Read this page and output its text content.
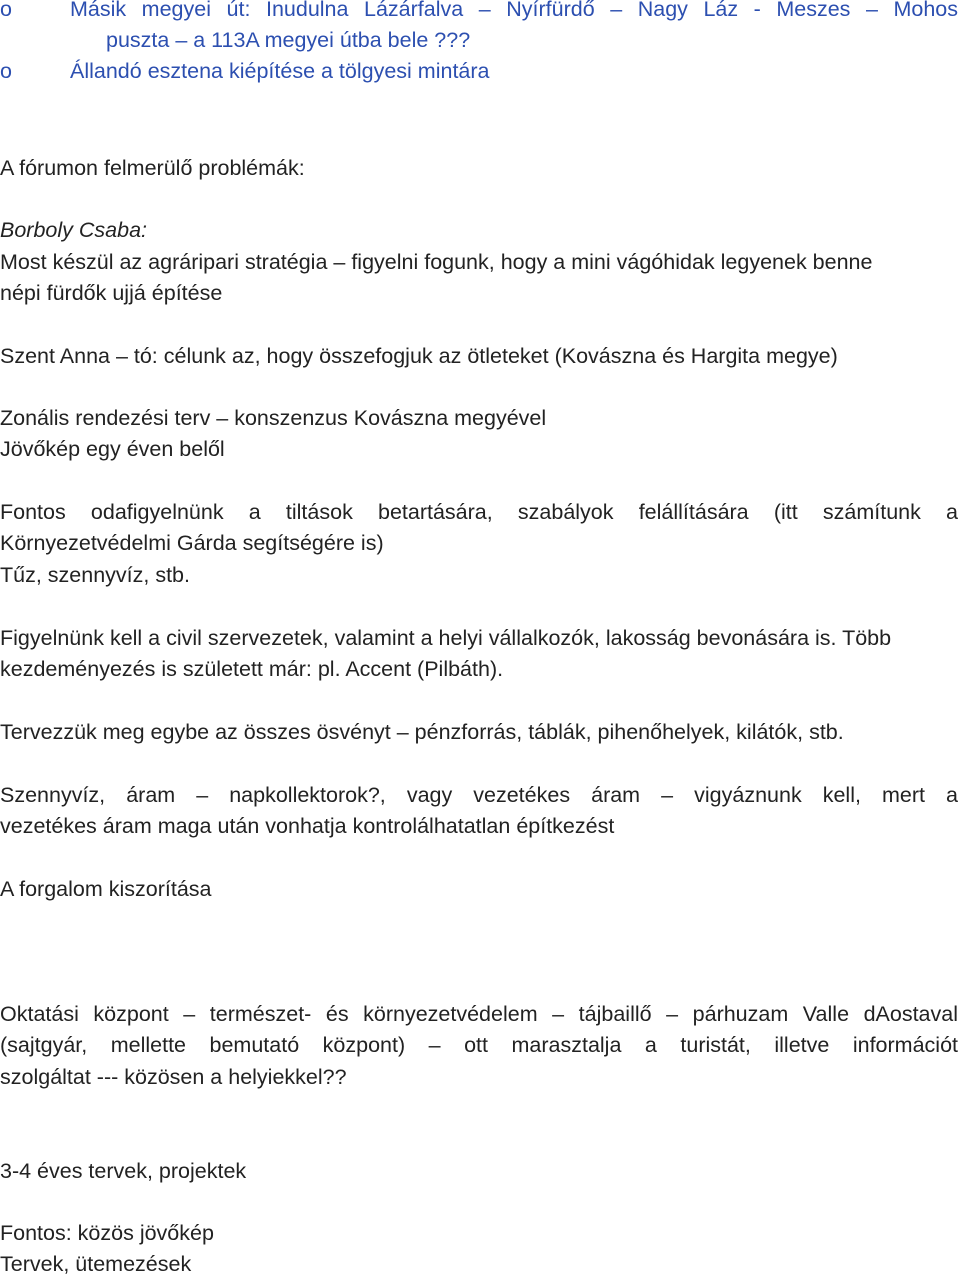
o	Másik megyei út: Inudulna Lázárfalva – Nyírfürdő – Nagy Láz - Meszes – Mohos
puszta – a 113A megyei útba bele ???
o	Állandó esztena kiépítése a tölgyesi mintára
A fórumon felmerülő problémák:
Borboly Csaba:
Most készül az agráripari stratégia – figyelni fogunk, hogy a mini vágóhidak legyenek benne
népi fürdők ujjá építése
Szent Anna – tó: célunk az, hogy összefogjuk az ötleteket (Kovászna és Hargita megye)
Zonális rendezési terv – konszenzus Kovászna megyével
Jövőkép egy éven belől
Fontos odafigyelnünk a tiltások betartására, szabályok felállítására (itt számítunk a
Környezetvédelmi Gárda segítségére is)
Tűz, szennyvíz, stb.
Figyelnünk kell a civil szervezetek, valamint a helyi vállalkozók, lakosság bevonására is. Több
kezdeményezés is született már: pl. Accent (Pilbáth).
Tervezzük meg egybe az összes ösvényt – pénzforrás, táblák, pihenőhelyek, kilátók, stb.
Szennyvíz, áram – napkollektorok?, vagy vezetékes áram – vigyáznunk kell, mert a
vezetékes áram maga után vonhatja kontrolálhatatlan építkezést
A forgalom kiszorítása
Oktatási központ – természet- és környezetvédelem – tájbaillő – párhuzam Valle dAostaval
(sajtgyár, mellette bemutató központ) – ott marasztalja a turistát, illetve információt
szolgáltat --- közösen a helyiekkel??
3-4 éves tervek, projektek
Fontos: közös jövőkép
Tervek, ütemezések
